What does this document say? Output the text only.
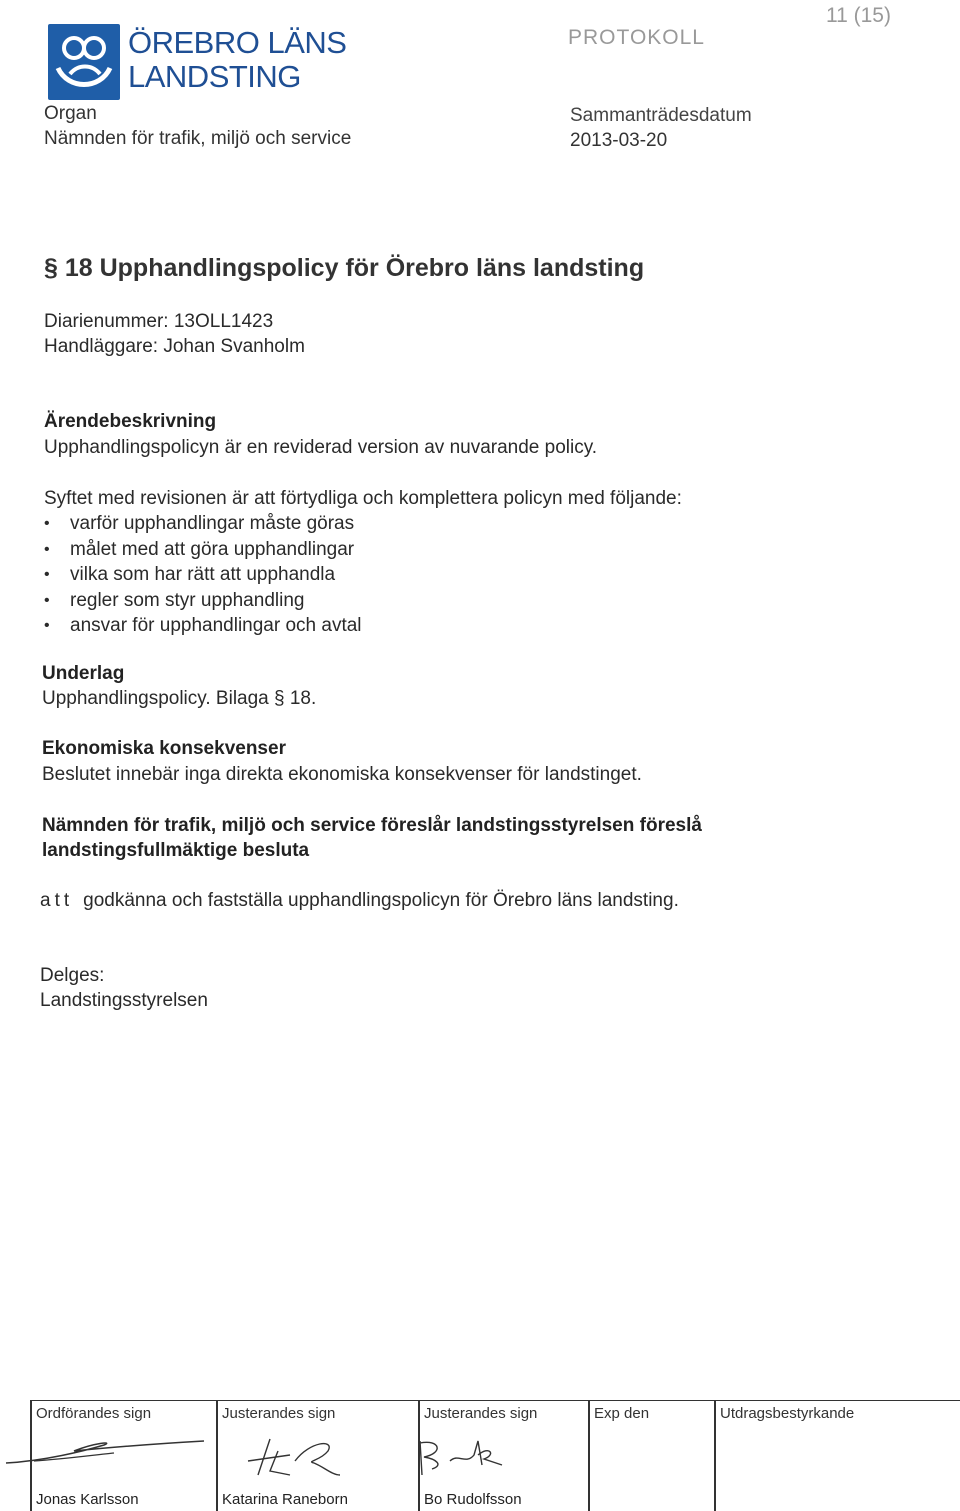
ÖREBRO LÄNS
LANDSTING
PROTOKOLL
11 (15)
Organ
Nämnden för trafik, miljö och service
Sammanträdesdatum
2013-03-20
§ 18 Upphandlingspolicy för Örebro läns landsting
Diarienummer: 13OLL1423
Handläggare: Johan Svanholm
Ärendebeskrivning
Upphandlingspolicyn är en reviderad version av nuvarande policy.
Syftet med revisionen är att förtydliga och komplettera policyn med följande:
• varför upphandlingar måste göras
• målet med att göra upphandlingar
• vilka som har rätt att upphandla
• regler som styr upphandling
• ansvar för upphandlingar och avtal
Underlag
Upphandlingspolicy. Bilaga § 18.
Ekonomiska konsekvenser
Beslutet innebär inga direkta ekonomiska konsekvenser för landstinget.
Nämnden för trafik, miljö och service föreslår landstingsstyrelsen föreslå
landstingsfullmäktige besluta
att godkänna och fastställa upphandlingspolicyn för Örebro läns landsting.
Delges:
Landstingsstyrelsen
Ordförandes sign
Jonas Karlsson
Justerandes sign
Katarina Raneborn
Justerandes sign
Bo Rudolfsson
Exp den	Utdragsbestyrkande
